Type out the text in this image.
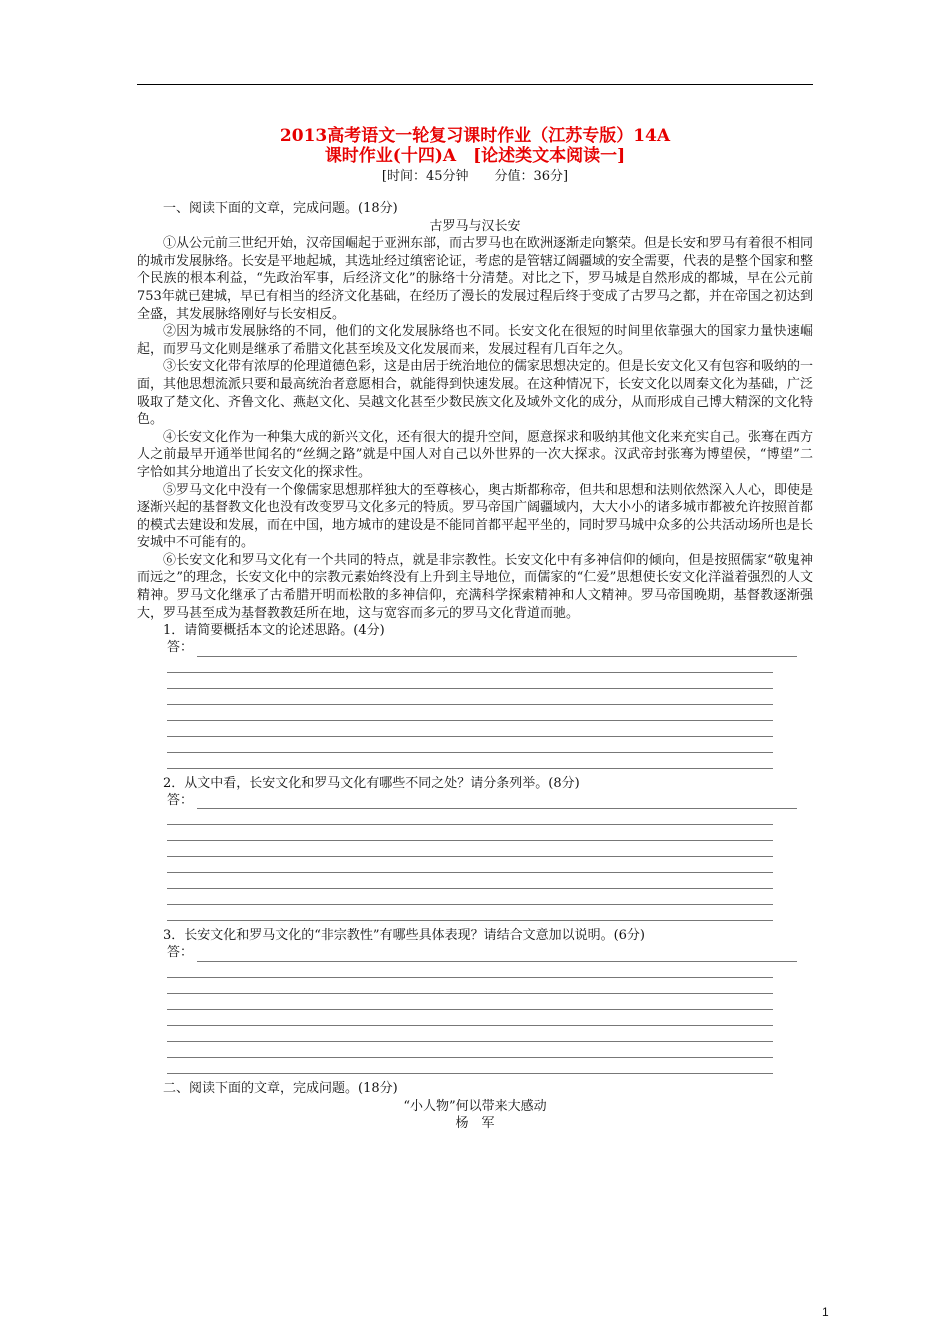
2013高考语文一轮复习课时作业（江苏专版）14A
课时作业(十四)A　[论述类文本阅读一]
[时间：45分钟　　分值：36分]

一、阅读下面的文章，完成问题。(18分)

古罗马与汉长安

①从公元前三世纪开始，汉帝国崛起于亚洲东部，而古罗马也在欧洲逐渐走向繁荣。但是长安和罗马有着很不相同的城市发展脉络。长安是平地起城，其选址经过缜密论证，考虑的是管辖辽阔疆域的安全需要，代表的是整个国家和整个民族的根本利益，“先政治军事，后经济文化”的脉络十分清楚。对比之下，罗马城是自然形成的都城，早在公元前753年就已建城，早已有相当的经济文化基础，在经历了漫长的发展过程后终于变成了古罗马之都，并在帝国之初达到全盛，其发展脉络刚好与长安相反。

②因为城市发展脉络的不同，他们的文化发展脉络也不同。长安文化在很短的时间里依靠强大的国家力量快速崛起，而罗马文化则是继承了希腊文化甚至埃及文化发展而来，发展过程有几百年之久。

③长安文化带有浓厚的伦理道德色彩，这是由居于统治地位的儒家思想决定的。但是长安文化又有包容和吸纳的一面，其他思想流派只要和最高统治者意愿相合，就能得到快速发展。在这种情况下，长安文化以周秦文化为基础，广泛吸取了楚文化、齐鲁文化、燕赵文化、吴越文化甚至少数民族文化及域外文化的成分，从而形成自己博大精深的文化特色。

④长安文化作为一种集大成的新兴文化，还有很大的提升空间，愿意探求和吸纳其他文化来充实自己。张骞在西方人之前最早开通举世闻名的“丝绸之路”就是中国人对自己以外世界的一次大探求。汉武帝封张骞为博望侯，“博望”二字恰如其分地道出了长安文化的探求性。

⑤罗马文化中没有一个像儒家思想那样独大的至尊核心，奥古斯都称帝，但共和思想和法则依然深入人心，即使是逐渐兴起的基督教文化也没有改变罗马文化多元的特质。罗马帝国广阔疆域内，大大小小的诸多城市都被允许按照首都的模式去建设和发展，而在中国，地方城市的建设是不能同首都平起平坐的，同时罗马城中众多的公共活动场所也是长安城中不可能有的。

⑥长安文化和罗马文化有一个共同的特点，就是非宗教性。长安文化中有多神信仰的倾向，但是按照儒家“敬鬼神而远之”的理念，长安文化中的宗教元素始终没有上升到主导地位，而儒家的“仁爱”思想使长安文化洋溢着强烈的人文精神。罗马文化继承了古希腊开明而松散的多神信仰，充满科学探索精神和人文精神。罗马帝国晚期，基督教逐渐强大，罗马甚至成为基督教教廷所在地，这与宽容而多元的罗马文化背道而驰。

1．请简要概括本文的论述思路。(4分)

答：

2．从文中看，长安文化和罗马文化有哪些不同之处？请分条列举。(8分)

答：

3．长安文化和罗马文化的“非宗教性”有哪些具体表现？请结合文意加以说明。(6分)

答：

二、阅读下面的文章，完成问题。(18分)

“小人物”何以带来大感动

杨　军

1
